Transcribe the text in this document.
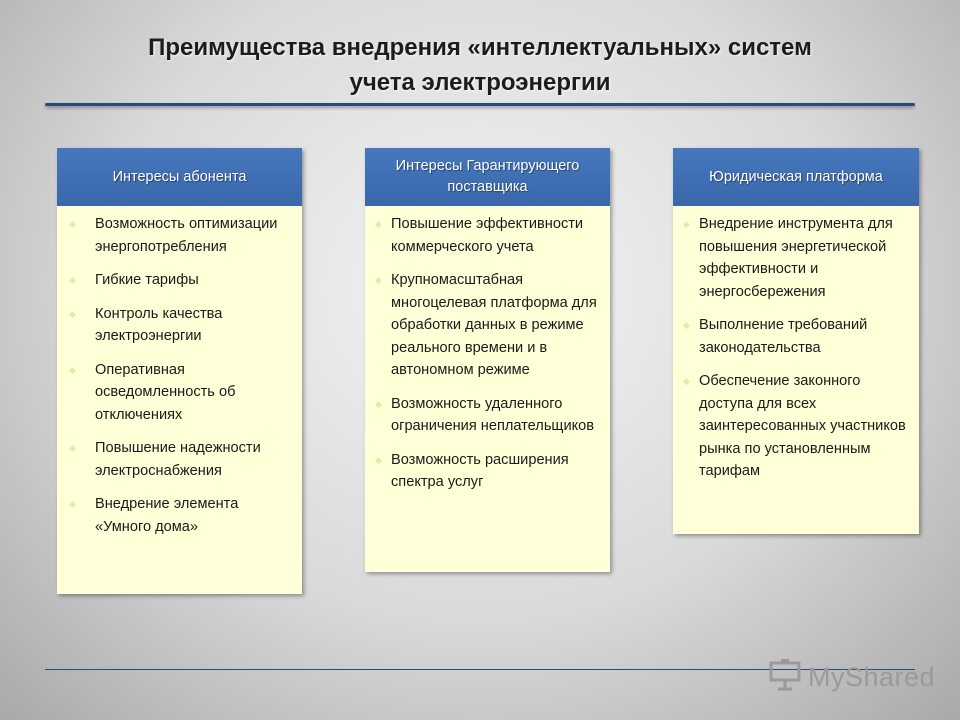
Преимущества внедрения «интеллектуальных» систем
учета электроэнергии
Интересы абонента
◆ Возможность оптимизации энергопотребления
◆ Гибкие тарифы
◆ Контроль качества электроэнергии
◆ Оперативная осведомленность об отключениях
◆ Повышение надежности электроснабжения
◆ Внедрение элемента «Умного дома»
Интересы Гарантирующего поставщика
◆ Повышение эффективности коммерческого учета
◆ Крупномасштабная многоцелевая платформа для обработки данных в режиме реального времени и в автономном режиме
◆ Возможность удаленного ограничения неплательщиков
◆ Возможность расширения спектра услуг
Юридическая платформа
◆ Внедрение инструмента для повышения энергетической эффективности и энергосбережения
◆ Выполнение требований законодательства
◆ Обеспечение законного доступа для всех заинтересованных участников рынка по установленным тарифам
MyShared
